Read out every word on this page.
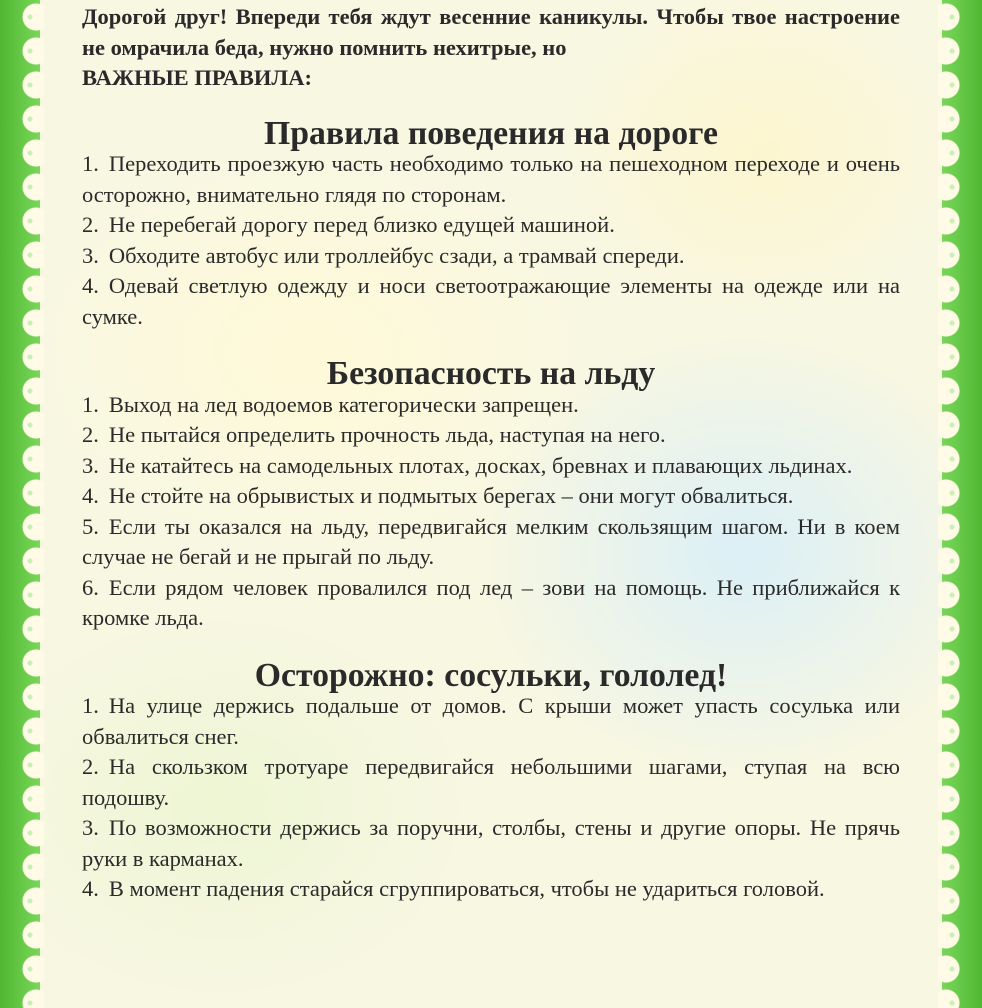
Дорогой друг! Впереди тебя ждут весенние каникулы. Чтобы твое настроение не омрачила беда, нужно помнить нехитрые, но
ВАЖНЫЕ ПРАВИЛА:

Правила поведения на дороге
1. Переходить проезжую часть необходимо только на пешеходном переходе и очень осторожно, внимательно глядя по сторонам.
2. Не перебегай дорогу перед близко едущей машиной.
3. Обходите автобус или троллейбус сзади, а трамвай спереди.
4. Одевай светлую одежду и носи светоотражающие элементы на одежде или на сумке.
Безопасность на льду
1. Выход на лед водоемов категорически запрещен.
2. Не пытайся определить прочность льда, наступая на него.
3. Не катайтесь на самодельных плотах, досках, бревнах и плавающих льдинах.
4. Не стойте на обрывистых и подмытых берегах – они могут обвалиться.
5. Если ты оказался на льду, передвигайся мелким скользящим шагом. Ни в коем случае не бегай и не прыгай по льду.
6. Если рядом человек провалился под лед – зови на помощь. Не приближайся к кромке льда.
Осторожно: сосульки, гололед!
1. На улице держись подальше от домов. С крыши может упасть сосулька или обвалиться снег.
2. На скользком тротуаре передвигайся небольшими шагами, ступая на всю подошву.
3. По возможности держись за поручни, столбы, стены и другие опоры. Не прячь руки в карманах.
4. В момент падения старайся сгруппироваться, чтобы не удариться головой.
